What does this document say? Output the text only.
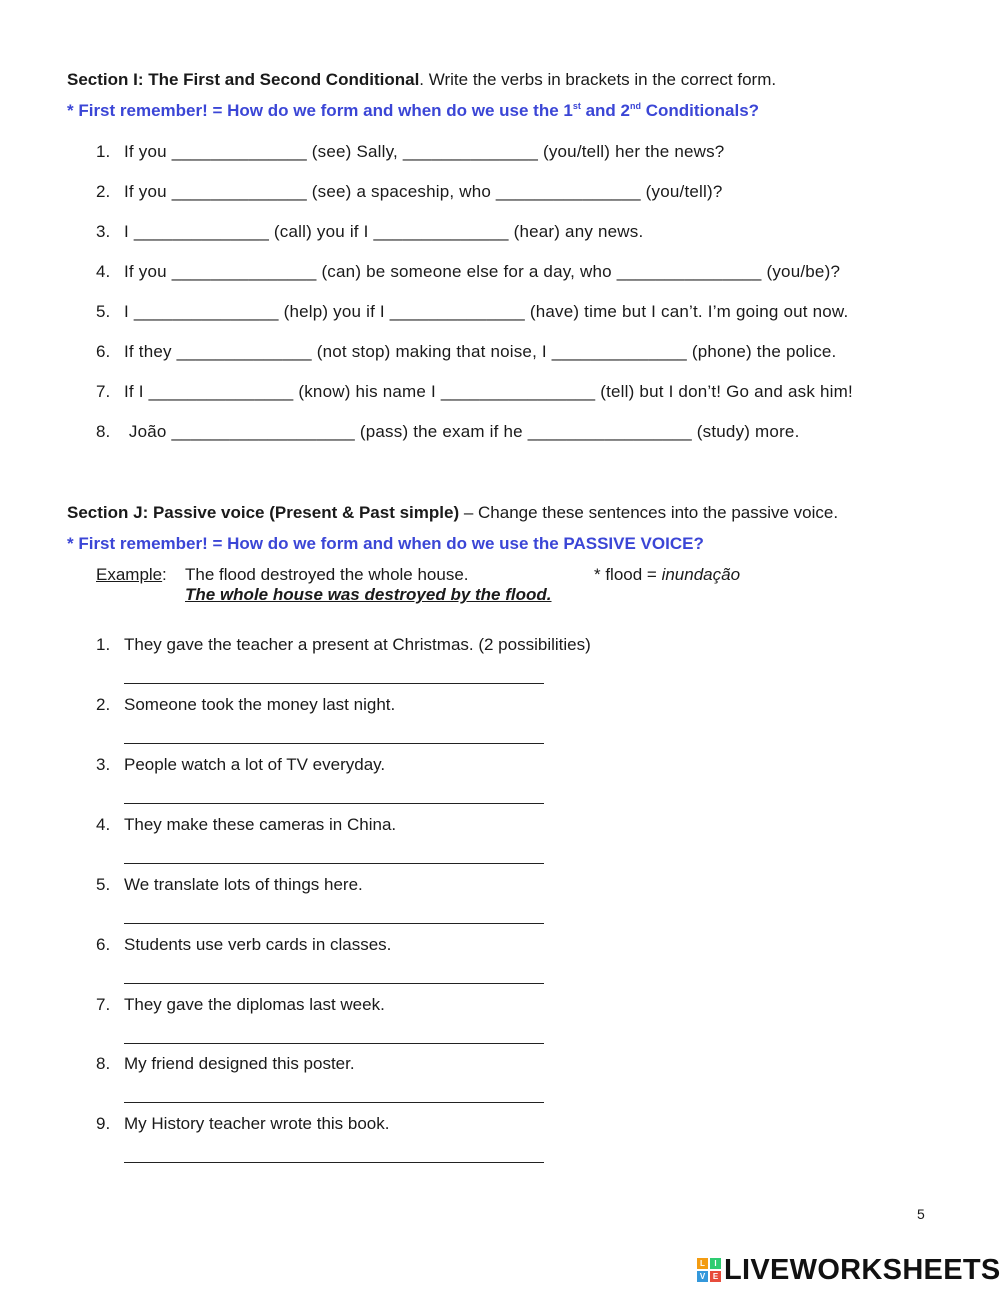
Section I: The First and Second Conditional. Write the verbs in brackets in the correct form.
* First remember! = How do we form and when do we use the 1st and 2nd Conditionals?
1. If you ______________ (see) Sally, ______________ (you/tell) her the news?
2. If you ______________ (see) a spaceship, who _______________ (you/tell)?
3. I ______________ (call) you if I ______________ (hear) any news.
4. If you _______________ (can) be someone else for a day, who _______________ (you/be)?
5. I _______________ (help) you if I ______________ (have) time but I can’t. I’m going out now.
6. If they ______________ (not stop) making that noise, I ______________ (phone) the police.
7. If I _______________ (know) his name I ________________ (tell) but I don’t! Go and ask him!
8. João ___________________ (pass) the exam if he _________________ (study) more.
Section J: Passive voice (Present & Past simple) – Change these sentences into the passive voice.
* First remember! = How do we form and when do we use the PASSIVE VOICE?
Example : The flood destroyed the whole house.
The whole house was destroyed by the flood.
* flood = inundação
1. They gave the teacher a present at Christmas. (2 possibilities)
2. Someone took the money last night.
3. People watch a lot of TV everyday.
4. They make these cameras in China.
5. We translate lots of things here.
6. Students use verb cards in classes.
7. They gave the diplomas last week.
8. My friend designed this poster.
9. My History teacher wrote this book.
5
L	I
V E LIVEWORKSHEETS
